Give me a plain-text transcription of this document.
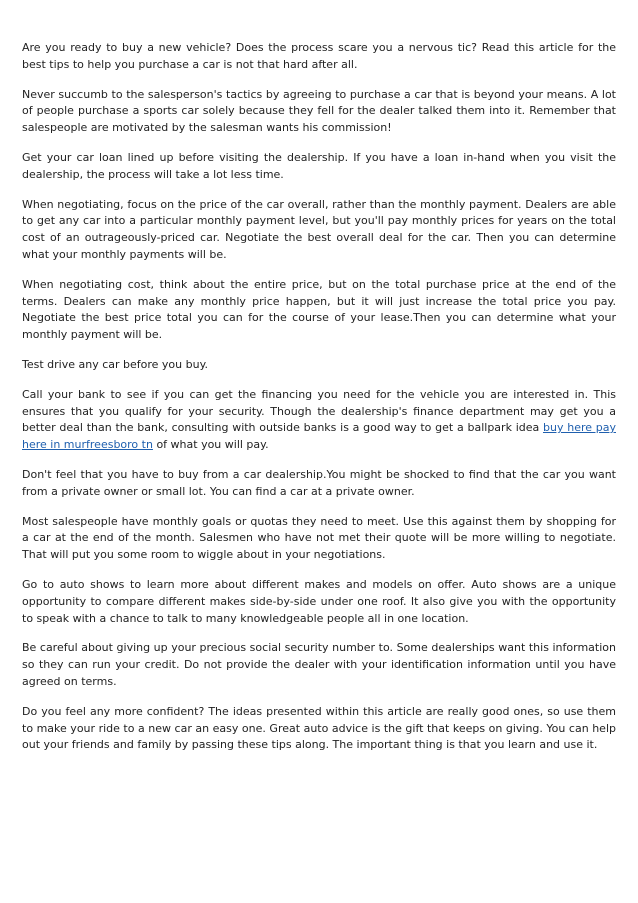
Are you ready to buy a new vehicle? Does the process scare you a nervous tic? Read this article for the best tips to help you purchase a car is not that hard after all.

Never succumb to the salesperson's tactics by agreeing to purchase a car that is beyond your means. A lot of people purchase a sports car solely because they fell for the dealer talked them into it. Remember that salespeople are motivated by the salesman wants his commission!

Get your car loan lined up before visiting the dealership. If you have a loan in-hand when you visit the dealership, the process will take a lot less time.

When negotiating, focus on the price of the car overall, rather than the monthly payment. Dealers are able to get any car into a particular monthly payment level, but you'll pay monthly prices for years on the total cost of an outrageously-priced car. Negotiate the best overall deal for the car. Then you can determine what your monthly payments will be.

When negotiating cost, think about the entire price, but on the total purchase price at the end of the terms. Dealers can make any monthly price happen, but it will just increase the total price you pay. Negotiate the best price total you can for the course of your lease.Then you can determine what your monthly payment will be.

Test drive any car before you buy.

Call your bank to see if you can get the financing you need for the vehicle you are interested in. This ensures that you qualify for your security. Though the dealership's finance department may get you a better deal than the bank, consulting with outside banks is a good way to get a ballpark idea buy here pay here in murfreesboro tn of what you will pay.

Don't feel that you have to buy from a car dealership.You might be shocked to find that the car you want from a private owner or small lot. You can find a car at a private owner.

Most salespeople have monthly goals or quotas they need to meet. Use this against them by shopping for a car at the end of the month. Salesmen who have not met their quote will be more willing to negotiate. That will put you some room to wiggle about in your negotiations.

Go to auto shows to learn more about different makes and models on offer. Auto shows are a unique opportunity to compare different makes side-by-side under one roof. It also give you with the opportunity to speak with a chance to talk to many knowledgeable people all in one location.

Be careful about giving up your precious social security number to. Some dealerships want this information so they can run your credit. Do not provide the dealer with your identification information until you have agreed on terms.

Do you feel any more confident? The ideas presented within this article are really good ones, so use them to make your ride to a new car an easy one. Great auto advice is the gift that keeps on giving. You can help out your friends and family by passing these tips along. The important thing is that you learn and use it.
